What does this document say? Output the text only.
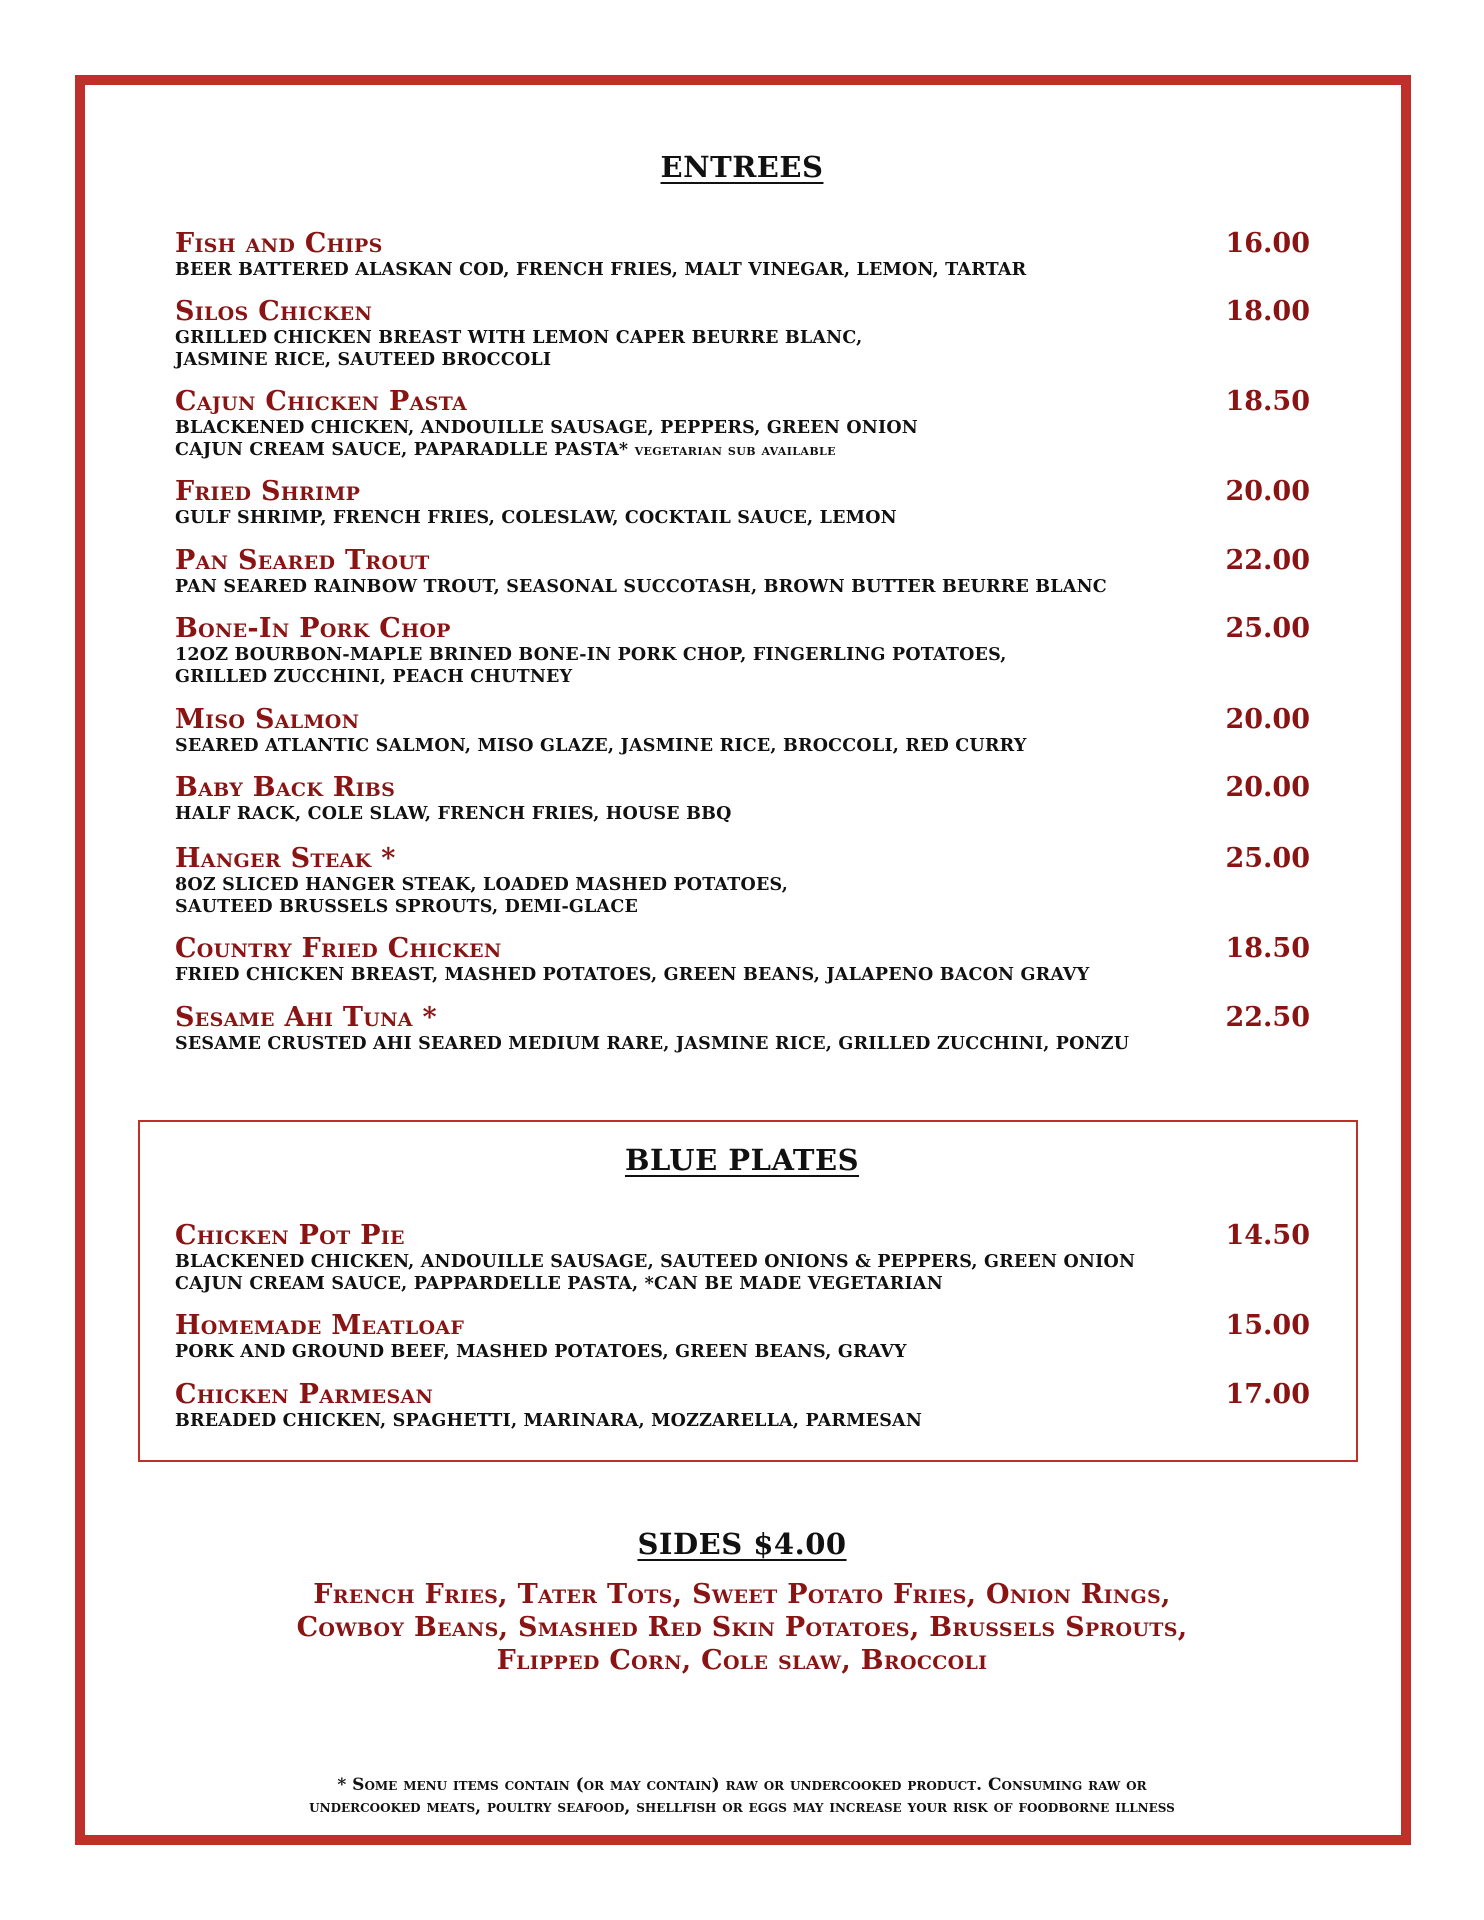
ENTREES
Fish and Chips	16.00
BEER BATTERED ALASKAN COD, FRENCH FRIES, MALT VINEGAR, LEMON, TARTAR
Silos Chicken	18.00
GRILLED CHICKEN BREAST WITH LEMON CAPER BEURRE BLANC,
JASMINE RICE, SAUTEED BROCCOLI
Cajun Chicken Pasta	18.50
BLACKENED CHICKEN, ANDOUILLE SAUSAGE, PEPPERS, GREEN ONION
CAJUN CREAM SAUCE, PAPARADLLE PASTA* vegetarian sub available
Fried Shrimp	20.00
GULF SHRIMP, FRENCH FRIES, COLESLAW, COCKTAIL SAUCE, LEMON
Pan Seared Trout	22.00
PAN SEARED RAINBOW TROUT, SEASONAL SUCCOTASH, BROWN BUTTER BEURRE BLANC
Bone-In Pork Chop	25.00
12OZ BOURBON-MAPLE BRINED BONE-IN PORK CHOP, FINGERLING POTATOES,
GRILLED ZUCCHINI, PEACH CHUTNEY
Miso Salmon	20.00
SEARED ATLANTIC SALMON, MISO GLAZE, JASMINE RICE, BROCCOLI, RED CURRY
Baby Back Ribs	20.00
HALF RACK, COLE SLAW, FRENCH FRIES, HOUSE BBQ
Hanger Steak *	25.00
8OZ SLICED HANGER STEAK, LOADED MASHED POTATOES,
SAUTEED BRUSSELS SPROUTS, DEMI-GLACE
Country Fried Chicken	18.50
FRIED CHICKEN BREAST, MASHED POTATOES, GREEN BEANS, JALAPENO BACON GRAVY
Sesame Ahi Tuna *	22.50
SESAME CRUSTED AHI SEARED MEDIUM RARE, JASMINE RICE, GRILLED ZUCCHINI, PONZU
BLUE PLATES
Chicken Pot Pie	14.50
BLACKENED CHICKEN, ANDOUILLE SAUSAGE, SAUTEED ONIONS & PEPPERS, GREEN ONION
CAJUN CREAM SAUCE, PAPPARDELLE PASTA, *CAN BE MADE VEGETARIAN
Homemade Meatloaf	15.00
PORK AND GROUND BEEF, MASHED POTATOES, GREEN BEANS, GRAVY
Chicken Parmesan	17.00
BREADED CHICKEN, SPAGHETTI, MARINARA, MOZZARELLA, PARMESAN
SIDES $4.00
French Fries, Tater Tots, Sweet Potato Fries, Onion Rings,
Cowboy Beans, Smashed Red Skin Potatoes, Brussels Sprouts,
Flipped Corn, Cole slaw, Broccoli
* Some menu items contain (or may contain) raw or undercooked product. Consuming raw or
undercooked meats, poultry seafood, shellfish or eggs may increase your risk of foodborne illness
